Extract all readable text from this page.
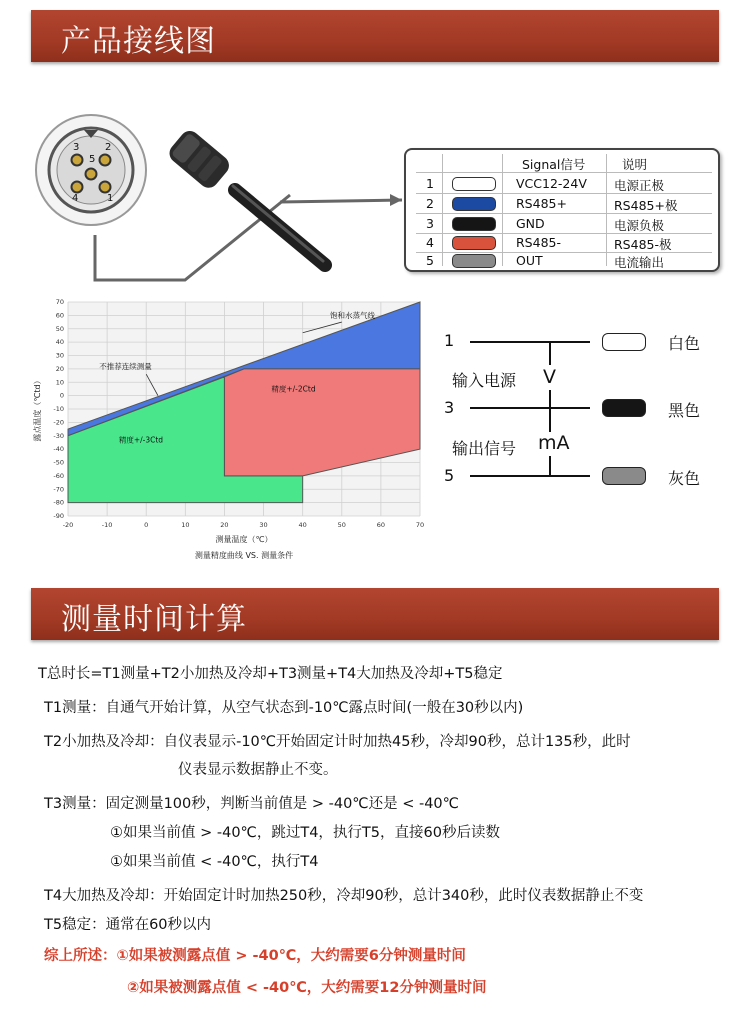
产品接线图
3	2
5
4	1
Signal信号	说明
1	VCC12-24V 电源正极
2	RS485+	RS485+极
3	GND	电源负极
4	RS485-	RS485-极
5	OUT	电流输出
-20	-10	0	10	20	30	40	50	60	70
70
60
50
40
30
20
10
0
-10
-20
-30
-40
-50
-60
-70
-80
-90
测量温度（℃）
露点温度（℃td）
测量精度曲线 VS. 测量条件
饱和水蒸气线
不推荐连续测量
精度+/-2Ctd
精度+/-3Ctd
1
3
5
输入电源 V
输出信号 mA
白色
黑色
灰色
测量时间计算
T总时长=T1测量+T2小加热及冷却+T3测量+T4大加热及冷却+T5稳定
T1测量：自通气开始计算，从空气状态到-10℃露点时间(一般在30秒以内)
T2小加热及冷却：自仪表显示-10℃开始固定计时加热45秒，冷却90秒，总计135秒，此时
仪表显示数据静止不变。
T3测量：固定测量100秒，判断当前值是 > -40℃还是 < -40℃
①如果当前值 > -40℃，跳过T4，执行T5，直接60秒后读数
①如果当前值 < -40℃，执行T4
T4大加热及冷却：开始固定计时加热250秒，冷却90秒，总计340秒，此时仪表数据静止不变
T5稳定：通常在60秒以内
综上所述：①如果被测露点值 > -40℃，大约需要6分钟测量时间
②如果被测露点值 < -40℃，大约需要12分钟测量时间
